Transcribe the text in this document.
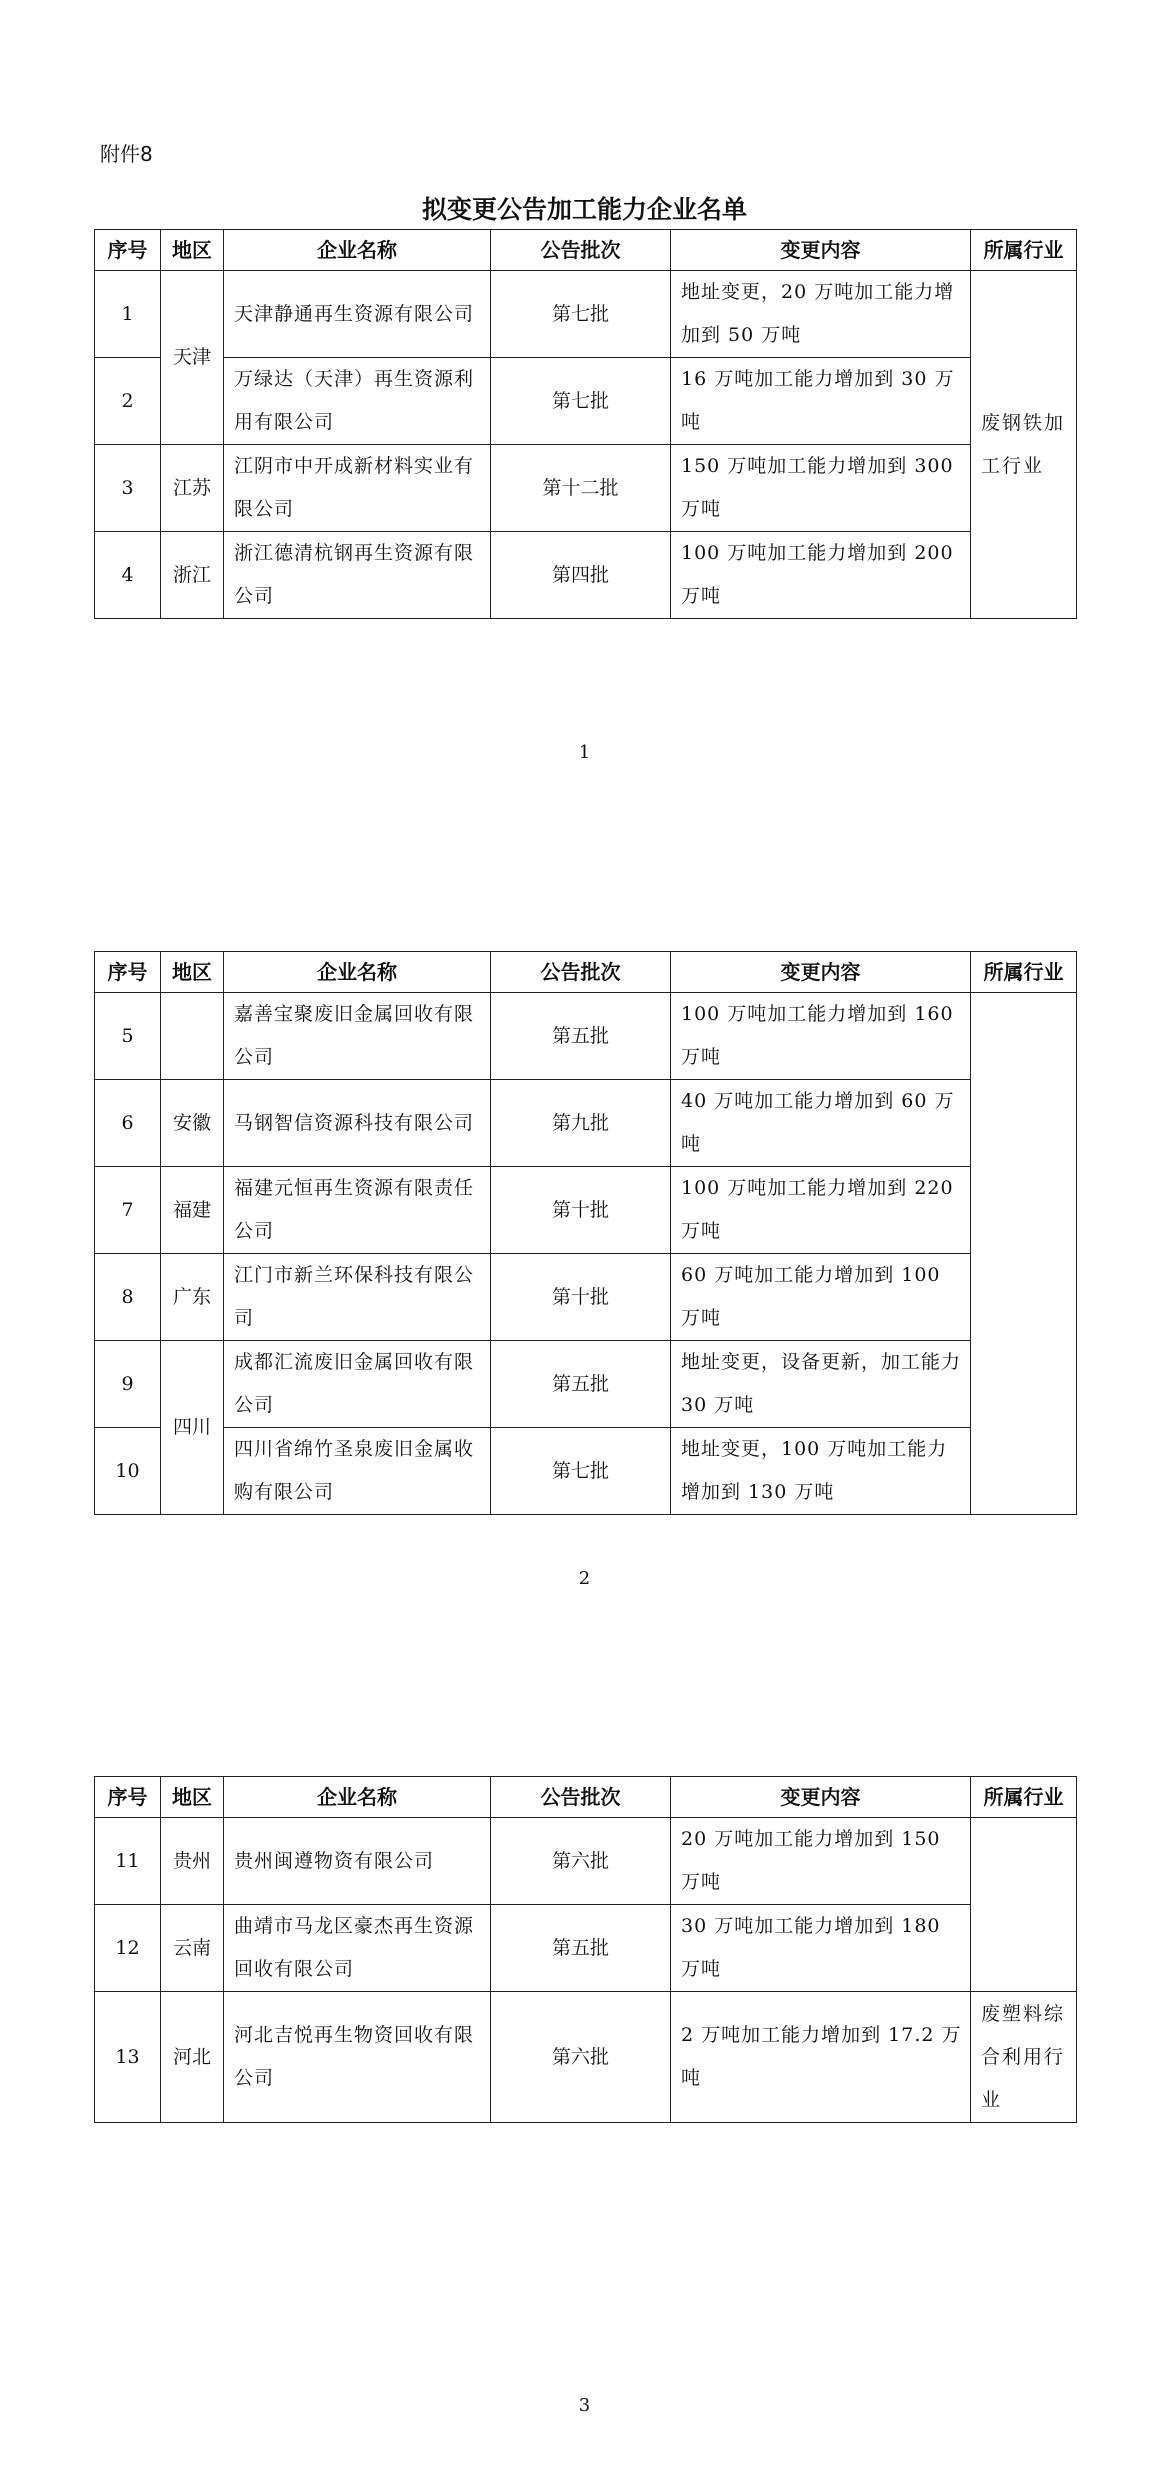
附件8
拟变更公告加工能力企业名单
序号	地区	企业名称	公告批次	变更内容	所属行业
1	天津	天津静通再生资源有限公司	第七批	地址变更，20 万吨加工能力增加到 50 万吨	废钢铁加工行业
2		万绿达（天津）再生资源利用有限公司	第七批	16 万吨加工能力增加到 30 万吨	
3	江苏	江阴市中开成新材料实业有限公司	第十二批	150 万吨加工能力增加到 300 万吨	
4	浙江	浙江德清杭钢再生资源有限公司	第四批	100 万吨加工能力增加到 200 万吨	
1
序号	地区	企业名称	公告批次	变更内容	所属行业
5		嘉善宝聚废旧金属回收有限公司	第五批	100 万吨加工能力增加到 160 万吨	
6	安徽	马钢智信资源科技有限公司	第九批	40 万吨加工能力增加到 60 万吨	
7	福建	福建元恒再生资源有限责任公司	第十批	100 万吨加工能力增加到 220 万吨	
8	广东	江门市新兰环保科技有限公司	第十批	60 万吨加工能力增加到 100 万吨	
9	四川	成都汇流废旧金属回收有限公司	第五批	地址变更，设备更新，加工能力 30 万吨	
10		四川省绵竹圣泉废旧金属收购有限公司	第七批	地址变更，100 万吨加工能力增加到 130 万吨	
2
序号	地区	企业名称	公告批次	变更内容	所属行业
11	贵州	贵州闽遵物资有限公司	第六批	20 万吨加工能力增加到 150 万吨	
12	云南	曲靖市马龙区豪杰再生资源回收有限公司	第五批	30 万吨加工能力增加到 180 万吨	
13	河北	河北吉悦再生物资回收有限公司	第六批	2 万吨加工能力增加到 17.2 万吨	废塑料综合利用行业
3
